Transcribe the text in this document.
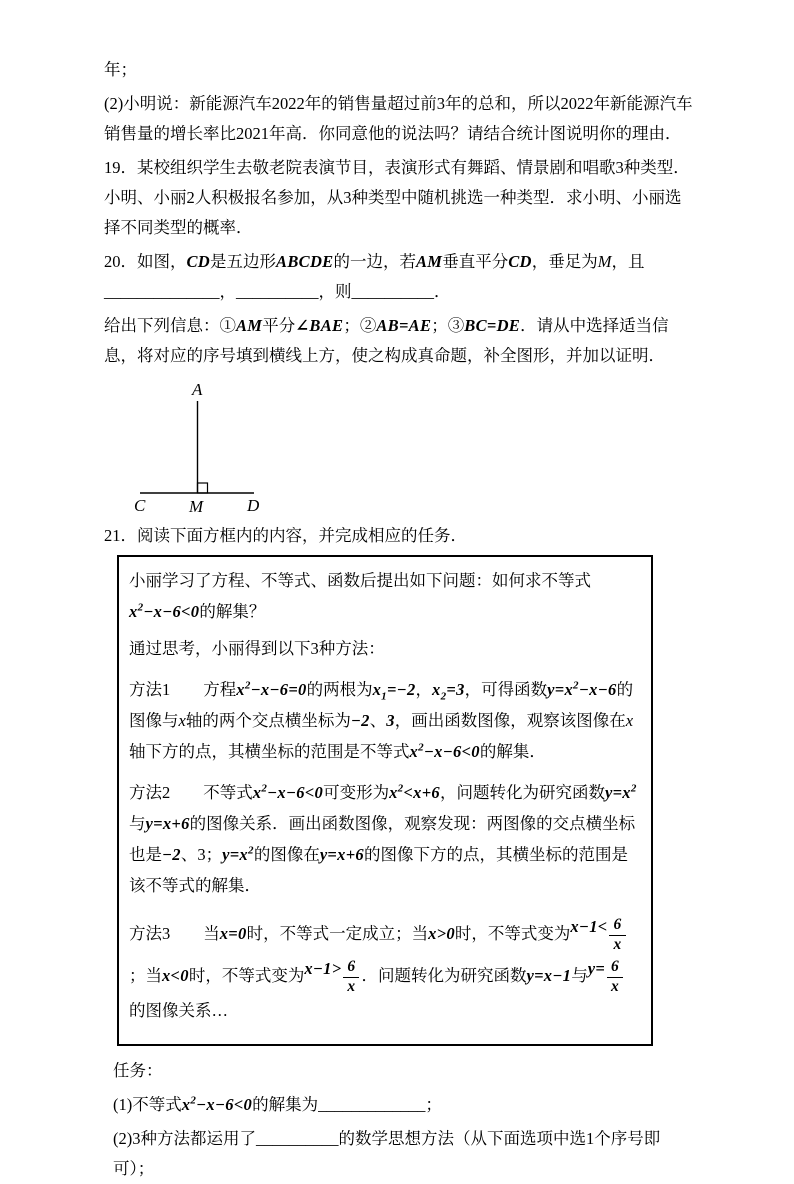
年；

(2)小明说：新能源汽车2022年的销售量超过前3年的总和，所以2022年新能源汽车销售量的增长率比2021年高．你同意他的说法吗？请结合统计图说明你的理由．

19．某校组织学生去敬老院表演节目，表演形式有舞蹈、情景剧和唱歌3种类型．小明、小丽2人积极报名参加，从3种类型中随机挑选一种类型．求小明、小丽选择不同类型的概率．

20．如图，CD是五边形ABCDE的一边，若AM垂直平分CD，垂足为M，且______________，__________，则__________．

给出下列信息：①AM平分∠BAE；②AB=AE；③BC=DE．请从中选择适当信息，将对应的序号填到横线上方，使之构成真命题，补全图形，并加以证明．

A
C	M	D

21．阅读下面方框内的内容，并完成相应的任务．

小丽学习了方程、不等式、函数后提出如下问题：如何求不等式$x^2-x-6<0$的解集？

通过思考，小丽得到以下3种方法：

方法1　　方程$x^2-x-6=0$的两根为$x_1=-2$，$x_2=3$，可得函数$y=x^2-x-6$的图像与x轴的两个交点横坐标为−2、3，画出函数图像，观察该图像在x轴下方的点，其横坐标的范围是不等式$x^2-x-6<0$的解集．

方法2　　不等式$x^2-x-6<0$可变形为$x^2<x+6$，问题转化为研究函数$y=x^2$与y=x+6的图像关系．画出函数图像，观察发现：两图像的交点横坐标也是−2、3；$y=x^2$的图像在y=x+6的图像下方的点，其横坐标的范围是该不等式的解集．

方法3　　当x=0时，不等式一定成立；当x>0时，不等式变为$x-1< \frac{6}{x}$
；当x<0时，不等式变为$x-1> \frac{6}{x}$ ．问题转化为研究函数y=x−1与$y= \frac{6}{x}$
的图像关系…

任务：

(1)不等式$x^2-x-6<0$的解集为_____________；

(2)3种方法都运用了__________的数学思想方法（从下面选项中选1个序号即可）；
